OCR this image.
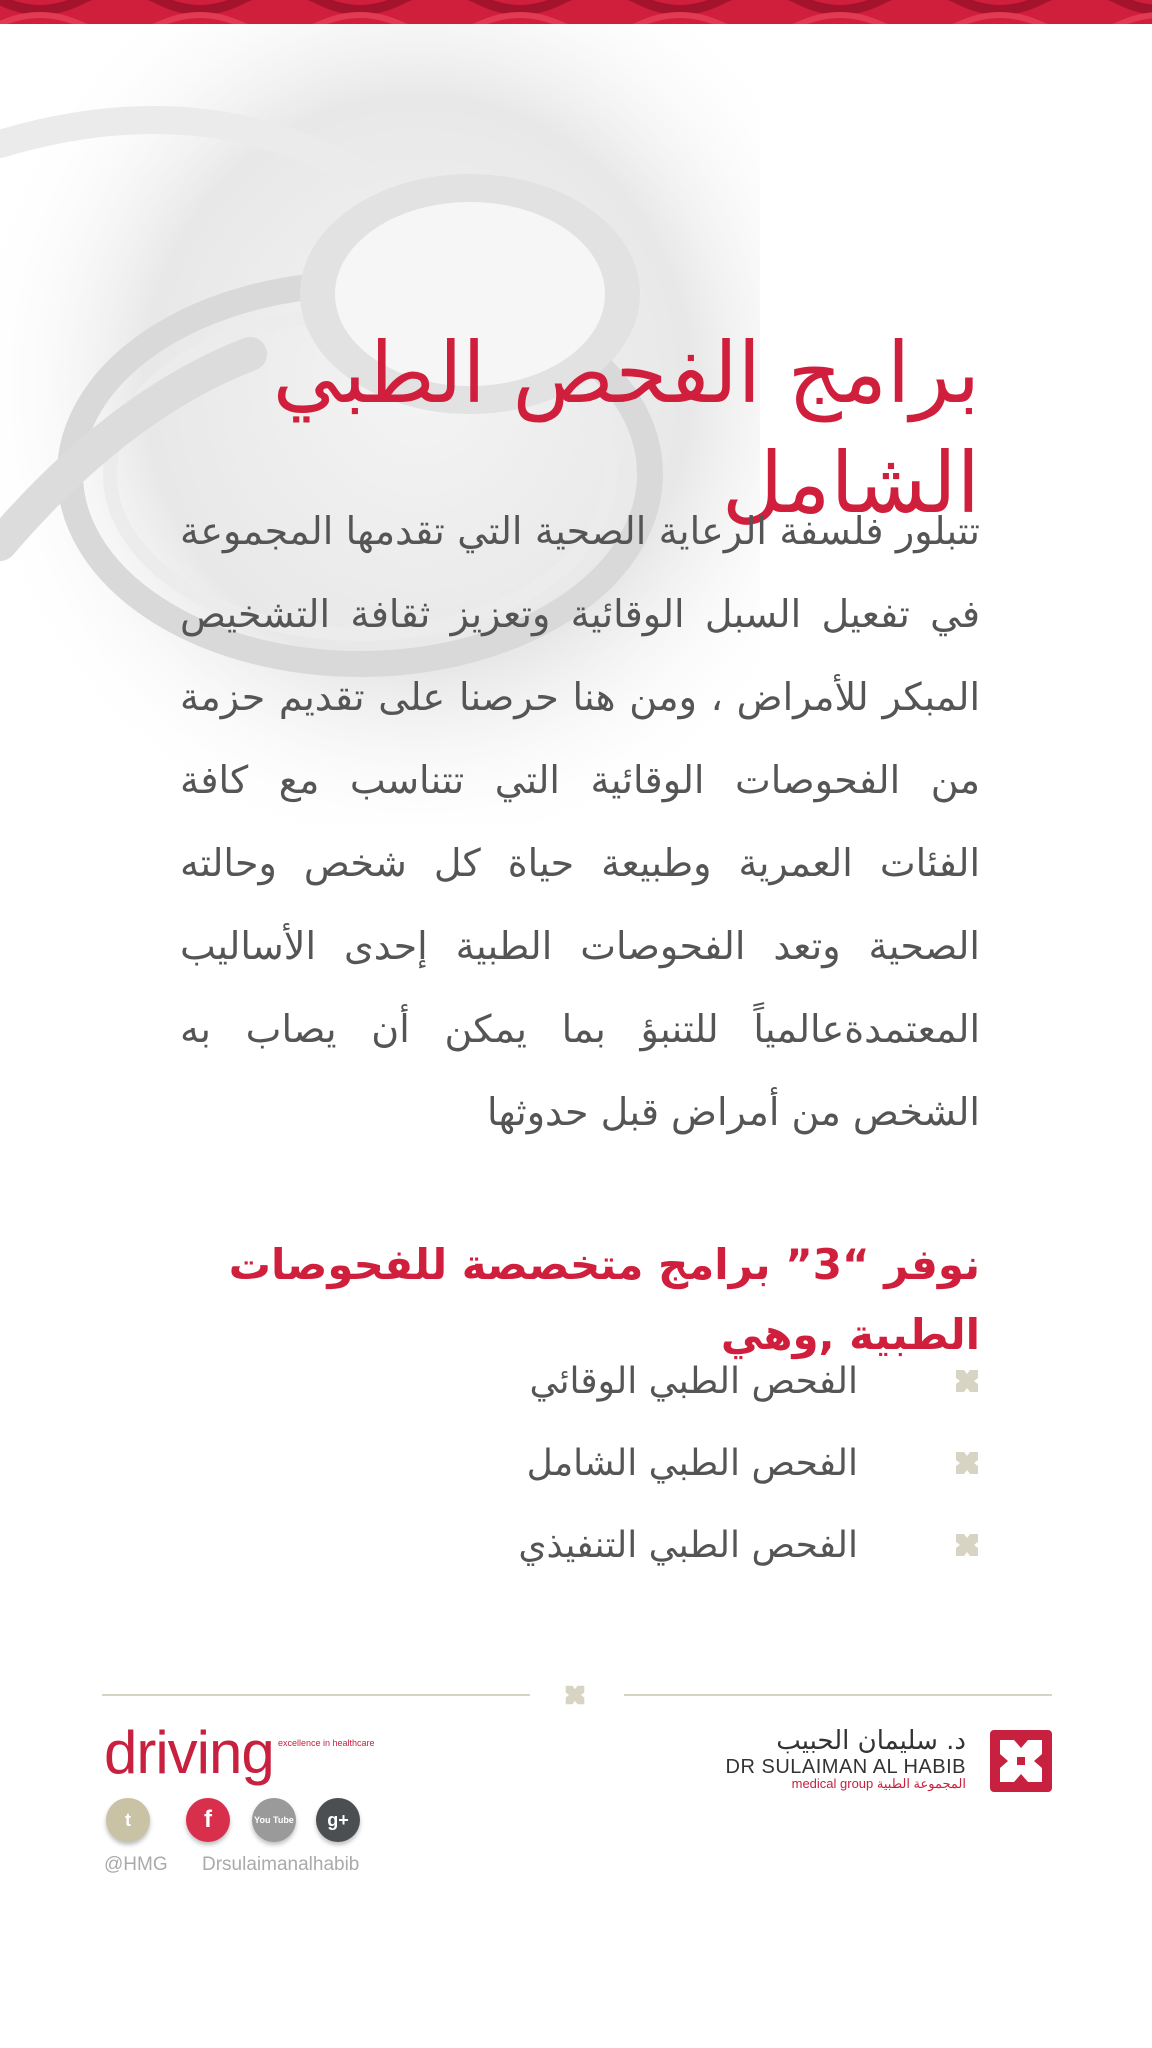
برامج الفحص الطبي الشامل

تتبلور فلسفة الرعاية الصحية التي تقدمها المجموعة في تفعيل السبل الوقائية وتعزيز ثقافة التشخيص المبكر للأمراض ، ومن هنا حرصنا على تقديم حزمة من الفحوصات الوقائية التي تتناسب مع كافة الفئات العمرية وطبيعة حياة كل شخص وحالته الصحية وتعد الفحوصات الطبية إحدى الأساليب المعتمدةعالمياً للتنبؤ بما يمكن أن يصاب به الشخص من أمراض قبل حدوثها

نوفر “3” برامج متخصصة للفحوصات الطبية ,وهي
الفحص الطبي الوقائي
الفحص الطبي الشامل
الفحص الطبي التنفيذي
driving excellence in healthcare
t	f	You Tube g+
@HMG Drsulaimanalhabib
د. سليمان الحبيب
DR SULAIMAN AL HABIB
medical group المجموعة الطبية
